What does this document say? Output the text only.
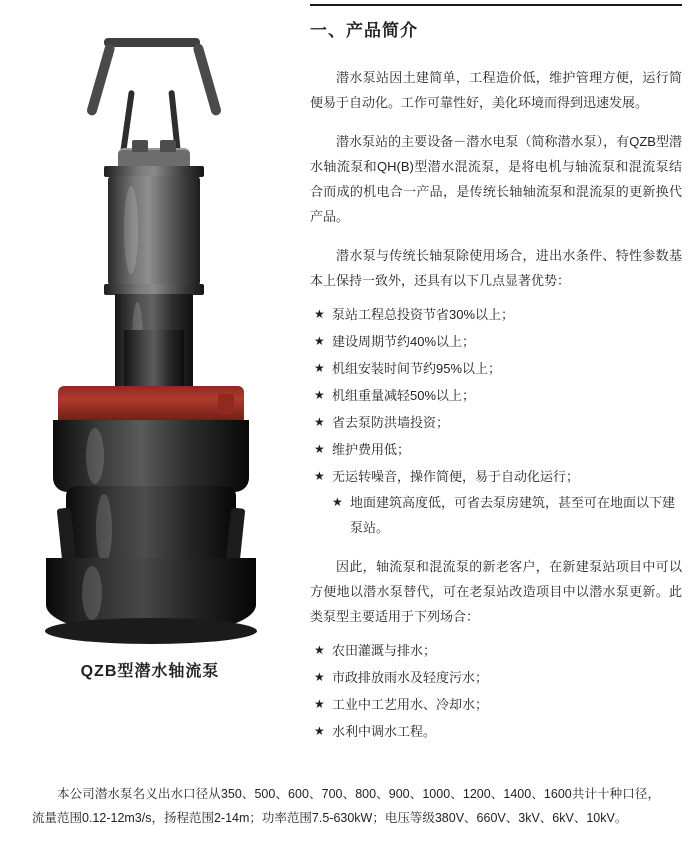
QZB型潜水轴流泵
一、产品简介

潜水泵站因土建简单，工程造价低，维护管理方便，运行简便易于自动化。工作可靠性好，美化环境而得到迅速发展。

潜水泵站的主要设备－潜水电泵（简称潜水泵），有QZB型潜水轴流泵和QH(B)型潜水混流泵，是将电机与轴流泵和混流泵结合而成的机电合一产品，是传统长轴轴流泵和混流泵的更新换代产品。

潜水泵与传统长轴泵除使用场合，进出水条件、特性参数基本上保持一致外，还具有以下几点显著优势：

★ 泵站工程总投资节省30%以上；
★ 建设周期节约40%以上；
★ 机组安装时间节约95%以上；
★ 机组重量减轻50%以上；
★ 省去泵防洪墙投资；
★ 维护费用低；
★ 无运转噪音，操作简便，易于自动化运行；
★ 地面建筑高度低，可省去泵房建筑，甚至可在地面以下建泵站。

因此，轴流泵和混流泵的新老客户，在新建泵站项目中可以方便地以潜水泵替代，可在老泵站改造项目中以潜水泵更新。此类泵型主要适用于下列场合：

★ 农田灌溉与排水；
★ 市政排放雨水及轻度污水；
★ 工业中工艺用水、冷却水；
★ 水利中调水工程。
本公司潜水泵名义出水口径从350、500、600、700、800、900、1000、1200、1400、1600共计十种口径，流量范围0.12-12m3/s，扬程范围2-14m；功率范围7.5-630kW；电压等级380V、660V、3kV、6kV、10kV。
